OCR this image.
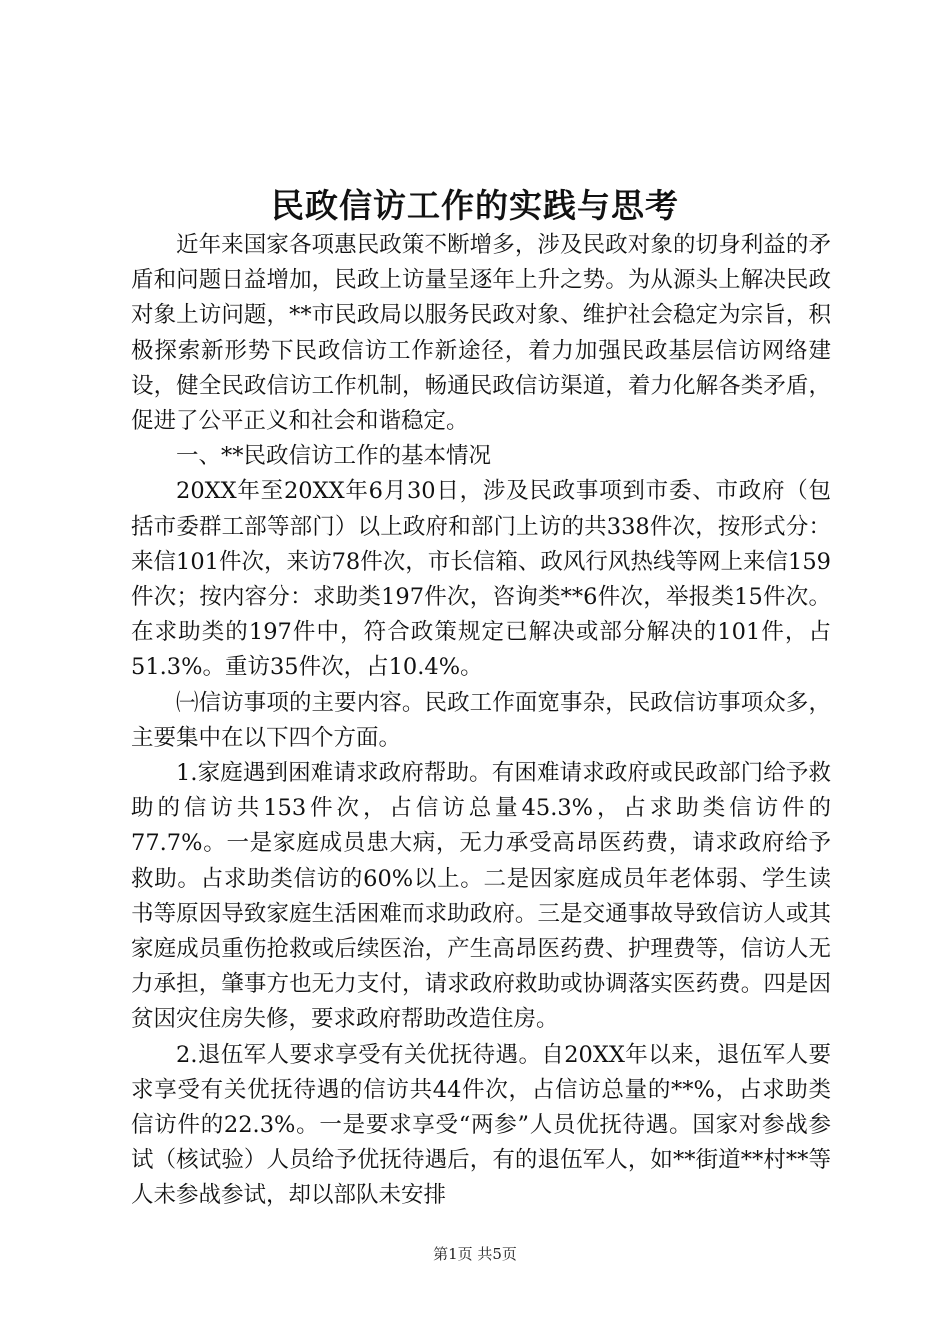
民政信访工作的实践与思考

近年来国家各项惠民政策不断增多，涉及民政对象的切身利益的矛盾和问题日益增加，民政上访量呈逐年上升之势。为从源头上解决民政对象上访问题，**市民政局以服务民政对象、维护社会稳定为宗旨，积极探索新形势下民政信访工作新途径，着力加强民政基层信访网络建设，健全民政信访工作机制，畅通民政信访渠道，着力化解各类矛盾，促进了公平正义和社会和谐稳定。

一、**民政信访工作的基本情况

20XX年至20XX年6月30日，涉及民政事项到市委、市政府（包括市委群工部等部门）以上政府和部门上访的共338件次，按形式分：来信101件次，来访78件次，市长信箱、政风行风热线等网上来信159件次；按内容分：求助类197件次，咨询类**6件次，举报类15件次。在求助类的197件中，符合政策规定已解决或部分解决的101件，占51.3%。重访35件次，占10.4%。

㈠信访事项的主要内容。民政工作面宽事杂，民政信访事项众多，主要集中在以下四个方面。

1.家庭遇到困难请求政府帮助。有困难请求政府或民政部门给予救助的信访共153件次，占信访总量45.3%，占求助类信访件的77.7%。一是家庭成员患大病，无力承受高昂医药费，请求政府给予救助。占求助类信访的60%以上。二是因家庭成员年老体弱、学生读书等原因导致家庭生活困难而求助政府。三是交通事故导致信访人或其家庭成员重伤抢救或后续医治，产生高昂医药费、护理费等，信访人无力承担，肇事方也无力支付，请求政府救助或协调落实医药费。四是因贫因灾住房失修，要求政府帮助改造住房。

2.退伍军人要求享受有关优抚待遇。自20XX年以来，退伍军人要求享受有关优抚待遇的信访共44件次，占信访总量的**%，占求助类信访件的22.3%。一是要求享受“两参”人员优抚待遇。国家对参战参试（核试验）人员给予优抚待遇后，有的退伍军人，如**街道**村**等人未参战参试，却以部队未安排

第1页 共5页
